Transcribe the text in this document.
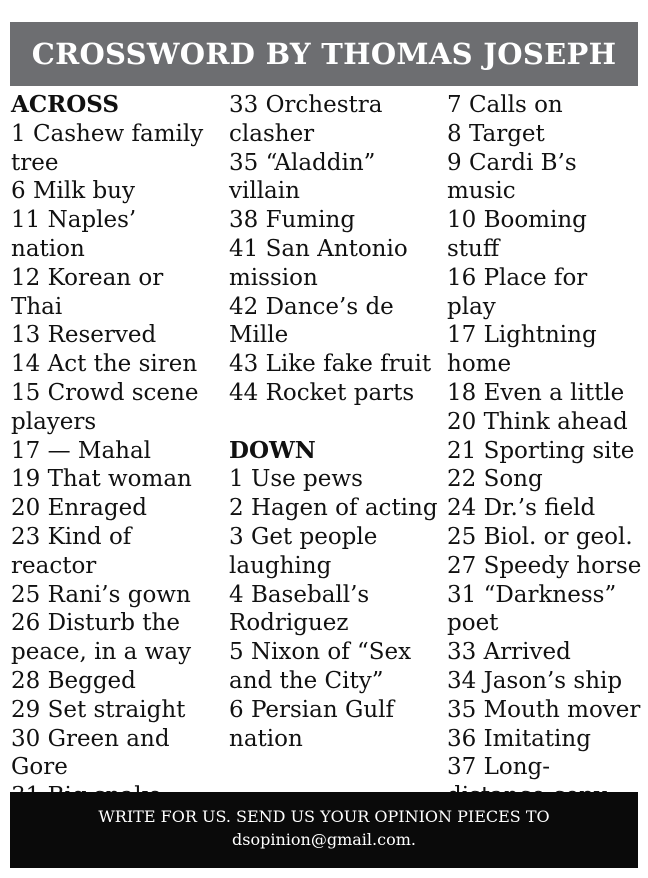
CROSSWORD BY THOMAS JOSEPH
ACROSS
1 Cashew family tree
6 Milk buy
11 Naples’ nation
12 Korean or Thai
13 Reserved
14 Act the siren
15 Crowd scene players
17 — Mahal
19 That woman
20 Enraged
23 Kind of reactor
25 Rani’s gown
26 Disturb the peace, in a way
28 Begged
29 Set straight
30 Green and Gore
33 Orchestra clasher
35 “Aladdin” villain
38 Fuming
41 San Antonio mission
42 Dance’s de Mille
43 Like fake fruit
44 Rocket parts
DOWN
1 Use pews
2 Hagen of acting
3 Get people laughing
4 Baseball’s Rodriguez
5 Nixon of “Sex and the City”
6 Persian Gulf nation
7 Calls on
8 Target
9 Cardi B’s music
10 Booming stuff
16 Place for play
17 Lightning home
18 Even a little
20 Think ahead
21 Sporting site
22 Song
24 Dr.’s field
25 Biol. or geol.
27 Speedy horse
31 “Darkness” poet
33 Arrived
34 Jason’s ship
35 Mouth mover
36 Imitating
37 Long-
WRITE FOR US. SEND US YOUR OPINION PIECES TO
dsopinion@gmail.com.
